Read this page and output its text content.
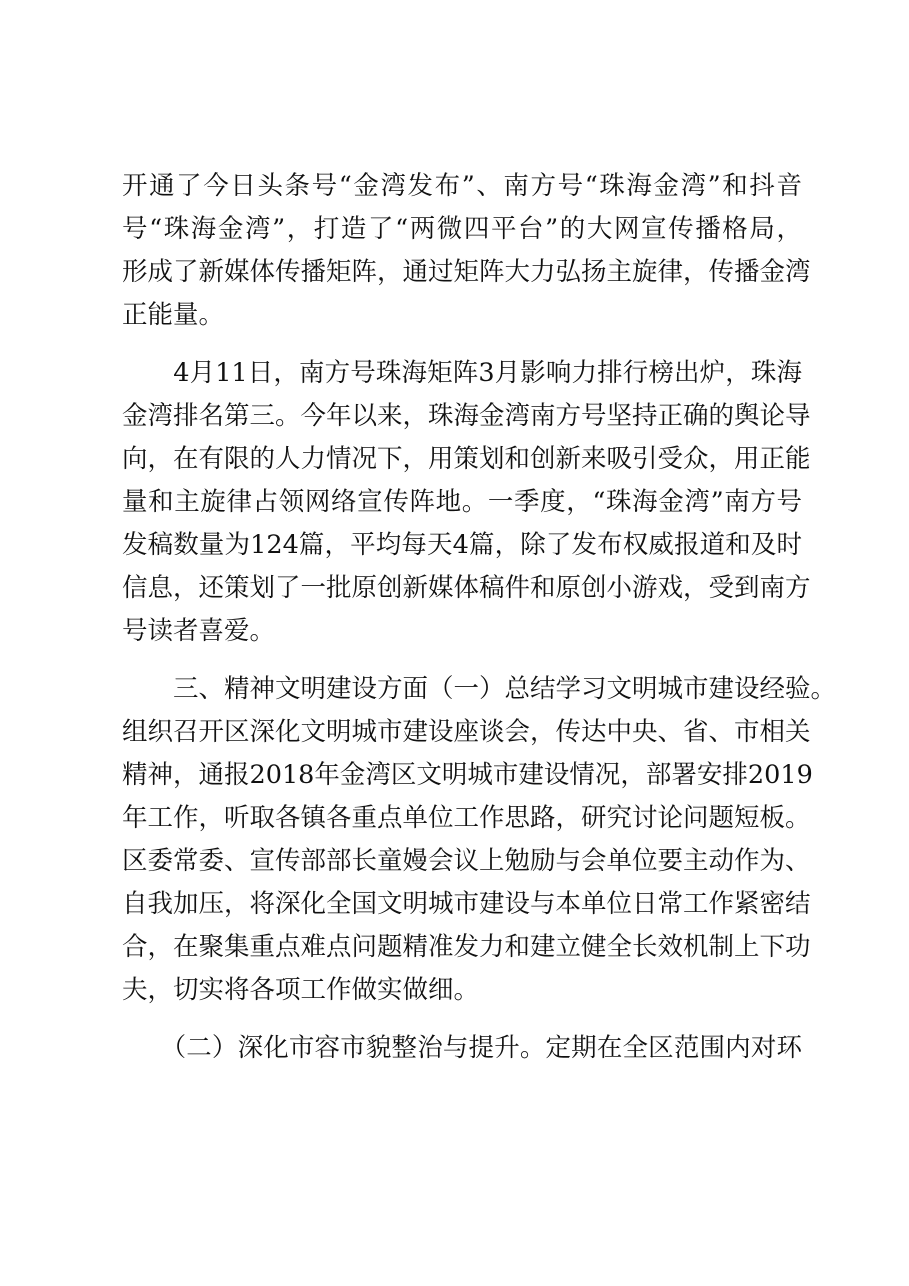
开通了今日头条号“金湾发布”、南方号“珠海金湾”和抖音
号“珠海金湾”，打造了“两微四平台”的大网宣传播格局，
形成了新媒体传播矩阵，通过矩阵大力弘扬主旋律，传播金湾
正能量。
　　4月11日，南方号珠海矩阵3月影响力排行榜出炉，珠海
金湾排名第三。今年以来，珠海金湾南方号坚持正确的舆论导
向，在有限的人力情况下，用策划和创新来吸引受众，用正能
量和主旋律占领网络宣传阵地。一季度，“珠海金湾”南方号
发稿数量为124篇，平均每天4篇，除了发布权威报道和及时
信息，还策划了一批原创新媒体稿件和原创小游戏，受到南方
号读者喜爱。
　　三、精神文明建设方面（一）总结学习文明城市建设经验。
组织召开区深化文明城市建设座谈会，传达中央、省、市相关
精神，通报2018年金湾区文明城市建设情况，部署安排2019
年工作，听取各镇各重点单位工作思路，研究讨论问题短板。
区委常委、宣传部部长童嫚会议上勉励与会单位要主动作为、
自我加压，将深化全国文明城市建设与本单位日常工作紧密结
合，在聚集重点难点问题精准发力和建立健全长效机制上下功
夫，切实将各项工作做实做细。
　　（二）深化市容市貌整治与提升。定期在全区范围内对环
